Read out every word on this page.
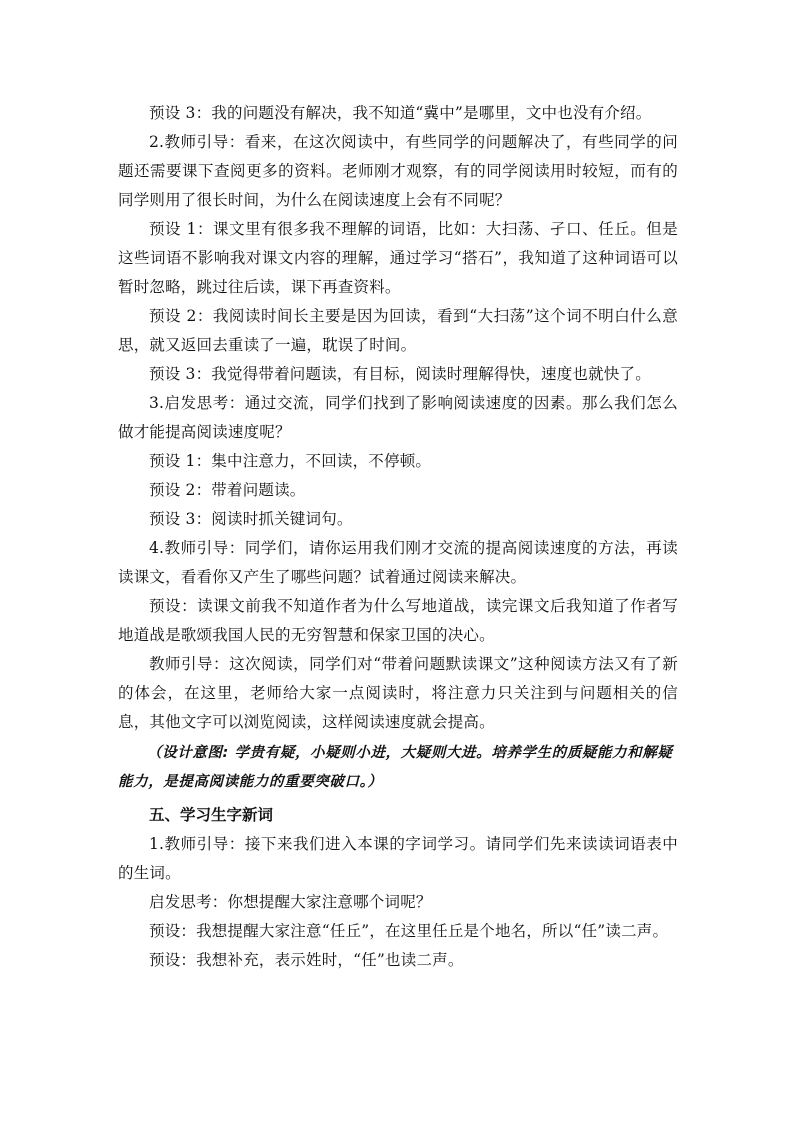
预设 3：我的问题没有解决，我不知道“冀中”是哪里，文中也没有介绍。

2.教师引导：看来，在这次阅读中，有些同学的问题解决了，有些同学的问题还需要课下查阅更多的资料。老师刚才观察，有的同学阅读用时较短，而有的同学则用了很长时间，为什么在阅读速度上会有不同呢？

预设 1：课文里有很多我不理解的词语，比如：大扫荡、孑口、任丘。但是这些词语不影响我对课文内容的理解，通过学习“搭石”，我知道了这种词语可以暂时忽略，跳过往后读，课下再查资料。

预设 2：我阅读时间长主要是因为回读，看到“大扫荡”这个词不明白什么意思，就又返回去重读了一遍，耽误了时间。

预设 3：我觉得带着问题读，有目标，阅读时理解得快，速度也就快了。

3.启发思考：通过交流，同学们找到了影响阅读速度的因素。那么我们怎么做才能提高阅读速度呢？

预设 1：集中注意力，不回读，不停顿。

预设 2：带着问题读。

预设 3：阅读时抓关键词句。

4.教师引导：同学们，请你运用我们刚才交流的提高阅读速度的方法，再读读课文，看看你又产生了哪些问题？试着通过阅读来解决。

预设：读课文前我不知道作者为什么写地道战，读完课文后我知道了作者写地道战是歌颂我国人民的无穷智慧和保家卫国的决心。

教师引导：这次阅读，同学们对“带着问题默读课文”这种阅读方法又有了新的体会，在这里，老师给大家一点阅读时，将注意力只关注到与问题相关的信息，其他文字可以浏览阅读，这样阅读速度就会提高。

（设计意图: 学贵有疑，小疑则小进，大疑则大进。培养学生的质疑能力和解疑能力，是提高阅读能力的重要突破口。）

五、学习生字新词

1.教师引导：接下来我们进入本课的字词学习。请同学们先来读读词语表中的生词。

启发思考：你想提醒大家注意哪个词呢？

预设：我想提醒大家注意“任丘”，在这里任丘是个地名，所以“任”读二声。

预设：我想补充，表示姓时，“任”也读二声。
